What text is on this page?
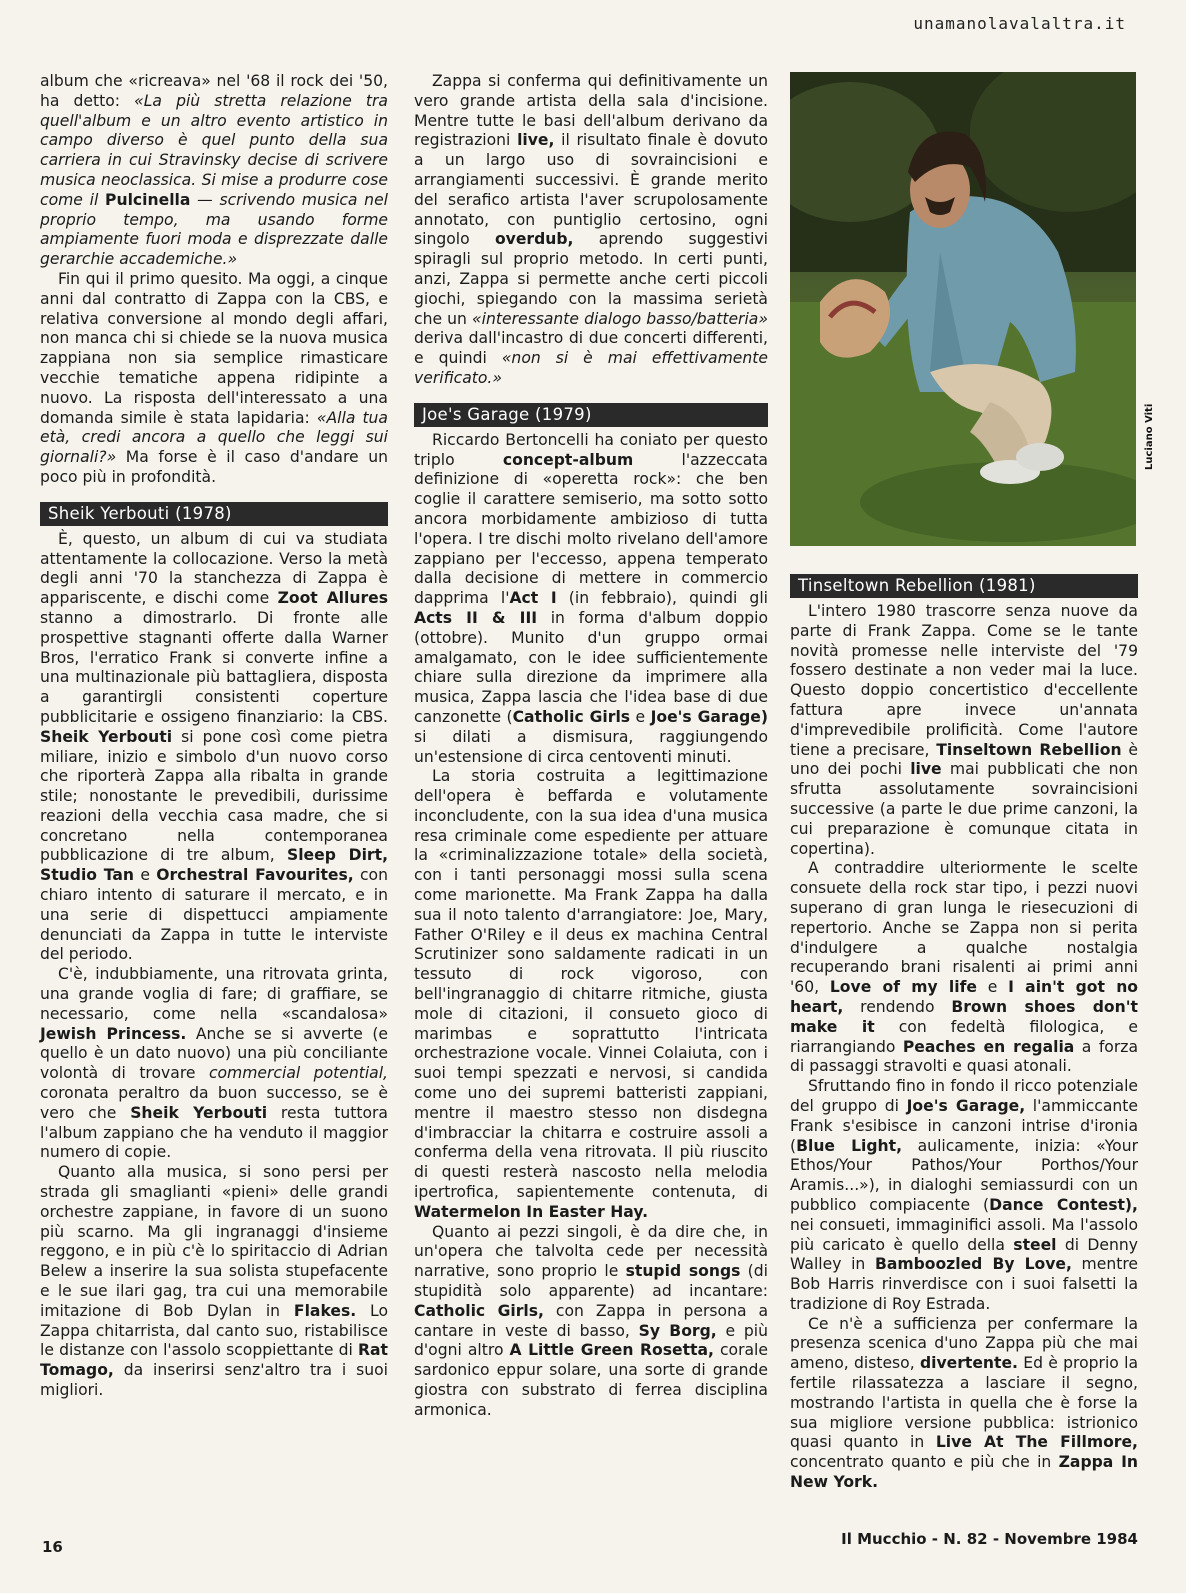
unamanolavalaltra.it

album che «ricreava» nel '68 il rock dei '50, ha detto: «La più stretta relazione tra quell'album e un altro evento artistico in campo diverso è quel punto della sua carriera in cui Stravinsky decise di scrivere musica neoclassica. Si mise a produrre cose come il Pulcinella — scrivendo musica nel proprio tempo, ma usando forme ampiamente fuori moda e disprezzate dalle gerarchie accademiche.»

Fin qui il primo quesito. Ma oggi, a cinque anni dal contratto di Zappa con la CBS, e relativa conversione al mondo degli affari, non manca chi si chiede se la nuova musica zappiana non sia semplice rimasticare vecchie tematiche appena ridipinte a nuovo. La risposta dell'interessato a una domanda simile è stata lapidaria: «Alla tua età, credi ancora a quello che leggi sui giornali?» Ma forse è il caso d'andare un poco più in profondità.

Sheik Yerbouti (1978)

È, questo, un album di cui va studiata attentamente la collocazione. Verso la metà degli anni '70 la stanchezza di Zappa è appariscente, e dischi come Zoot Allures stanno a dimostrarlo. Di fronte alle prospettive stagnanti offerte dalla Warner Bros, l'erratico Frank si converte infine a una multinazionale più battagliera, disposta a garantirgli consistenti coperture pubblicitarie e ossigeno finanziario: la CBS. Sheik Yerbouti si pone così come pietra miliare, inizio e simbolo d'un nuovo corso che riporterà Zappa alla ribalta in grande stile; nonostante le prevedibili, durissime reazioni della vecchia casa madre, che si concretano nella contemporanea pubblicazione di tre album, Sleep Dirt, Studio Tan e Orchestral Favourites, con chiaro intento di saturare il mercato, e in una serie di dispettucci ampiamente denunciati da Zappa in tutte le interviste del periodo.

C'è, indubbiamente, una ritrovata grinta, una grande voglia di fare; di graffiare, se necessario, come nella «scandalosa» Jewish Princess. Anche se si avverte (e quello è un dato nuovo) una più conciliante volontà di trovare commercial potential, coronata peraltro da buon successo, se è vero che Sheik Yerbouti resta tuttora l'album zappiano che ha venduto il maggior numero di copie.

Quanto alla musica, si sono persi per strada gli smaglianti «pieni» delle grandi orchestre zappiane, in favore di un suono più scarno. Ma gli ingranaggi d'insieme reggono, e in più c'è lo spiritaccio di Adrian Belew a inserire la sua solista stupefacente e le sue ilari gag, tra cui una memorabile imitazione di Bob Dylan in Flakes. Lo Zappa chitarrista, dal canto suo, ristabilisce le distanze con l'assolo scoppiettante di Rat Tomago, da inserirsi senz'altro tra i suoi migliori.

Zappa si conferma qui definitivamente un vero grande artista della sala d'incisione. Mentre tutte le basi dell'album derivano da registrazioni live, il risultato finale è dovuto a un largo uso di sovraincisioni e arrangiamenti successivi. È grande merito del serafico artista l'aver scrupolosamente annotato, con puntiglio certosino, ogni singolo overdub, aprendo suggestivi spiragli sul proprio metodo. In certi punti, anzi, Zappa si permette anche certi piccoli giochi, spiegando con la massima serietà che un «interessante dialogo basso/batteria» deriva dall'incastro di due concerti differenti, e quindi «non si è mai effettivamente verificato.»

Joe's Garage (1979)

Riccardo Bertoncelli ha coniato per questo triplo concept-album l'azzeccata definizione di «operetta rock»: che ben coglie il carattere semiserio, ma sotto sotto ancora morbidamente ambizioso di tutta l'opera. I tre dischi molto rivelano dell'amore zappiano per l'eccesso, appena temperato dalla decisione di mettere in commercio dapprima l'Act I (in febbraio), quindi gli Acts II & III in forma d'album doppio (ottobre). Munito d'un gruppo ormai amalgamato, con le idee sufficientemente chiare sulla direzione da imprimere alla musica, Zappa lascia che l'idea base di due canzonette (Catholic Girls e Joe's Garage) si dilati a dismisura, raggiungendo un'estensione di circa centoventi minuti.

La storia costruita a legittimazione dell'opera è beffarda e volutamente inconcludente, con la sua idea d'una musica resa criminale come espediente per attuare la «criminalizzazione totale» della società, con i tanti personaggi mossi sulla scena come marionette. Ma Frank Zappa ha dalla sua il noto talento d'arrangiatore: Joe, Mary, Father O'Riley e il deus ex machina Central Scrutinizer sono saldamente radicati in un tessuto di rock vigoroso, con bell'ingranaggio di chitarre ritmiche, giusta mole di citazioni, il consueto gioco di marimbas e soprattutto l'intricata orchestrazione vocale. Vinnei Colaiuta, con i suoi tempi spezzati e nervosi, si candida come uno dei supremi batteristi zappiani, mentre il maestro stesso non disdegna d'imbracciar la chitarra e costruire assoli a conferma della vena ritrovata. Il più riuscito di questi resterà nascosto nella melodia ipertrofica, sapientemente contenuta, di Watermelon In Easter Hay.

Quanto ai pezzi singoli, è da dire che, in un'opera che talvolta cede per necessità narrative, sono proprio le stupid songs (di stupidità solo apparente) ad incantare: Catholic Girls, con Zappa in persona a cantare in veste di basso, Sy Borg, e più d'ogni altro A Little Green Rosetta, corale sardonico eppur solare, una sorte di grande giostra con substrato di ferrea disciplina armonica.

Luciano Viti
Tinseltown Rebellion (1981)

L'intero 1980 trascorre senza nuove da parte di Frank Zappa. Come se le tante novità promesse nelle interviste del '79 fossero destinate a non veder mai la luce. Questo doppio concertistico d'eccellente fattura apre invece un'annata d'imprevedibile prolificità. Come l'autore tiene a precisare, Tinseltown Rebellion è uno dei pochi live mai pubblicati che non sfrutta assolutamente sovraincisioni successive (a parte le due prime canzoni, la cui preparazione è comunque citata in copertina).

A contraddire ulteriormente le scelte consuete della rock star tipo, i pezzi nuovi superano di gran lunga le riesecuzioni di repertorio. Anche se Zappa non si perita d'indulgere a qualche nostalgia recuperando brani risalenti ai primi anni '60, Love of my life e I ain't got no heart, rendendo Brown shoes don't make it con fedeltà filologica, e riarrangiando Peaches en regalia a forza di passaggi stravolti e quasi atonali.

Sfruttando fino in fondo il ricco potenziale del gruppo di Joe's Garage, l'ammiccante Frank s'esibisce in canzoni intrise d'ironia (Blue Light, aulicamente, inizia: «Your Ethos/Your Pathos/Your Porthos/Your Aramis...»), in dialoghi semiassurdi con un pubblico compiacente (Dance Contest), nei consueti, immaginifici assoli. Ma l'assolo più caricato è quello della steel di Denny Walley in Bamboozled By Love, mentre Bob Harris rinverdisce con i suoi falsetti la tradizione di Roy Estrada.

Ce n'è a sufficienza per confermare la presenza scenica d'uno Zappa più che mai ameno, disteso, divertente. Ed è proprio la fertile rilassatezza a lasciare il segno, mostrando l'artista in quella che è forse la sua migliore versione pubblica: istrionico quasi quanto in Live At The Fillmore, concentrato quanto e più che in Zappa In New York.

16	Il Mucchio - N. 82 - Novembre 1984
